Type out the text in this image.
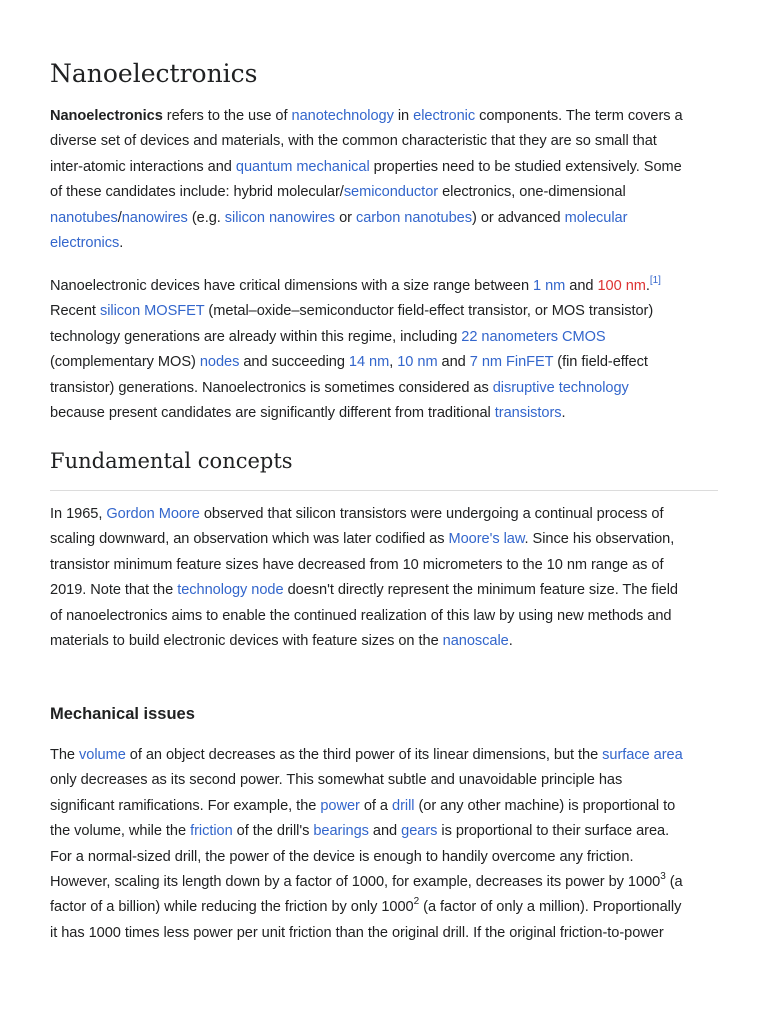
Nanoelectronics

Nanoelectronics refers to the use of nanotechnology in electronic components. The term covers a
diverse set of devices and materials, with the common characteristic that they are so small that
inter-atomic interactions and quantum mechanical properties need to be studied extensively. Some
of these candidates include: hybrid molecular/semiconductor electronics, one-dimensional
nanotubes/nanowires (e.g. silicon nanowires or carbon nanotubes) or advanced molecular
electronics.

Nanoelectronic devices have critical dimensions with a size range between 1 nm and 100 nm.[1]
Recent silicon MOSFET (metal–oxide–semiconductor field-effect transistor, or MOS transistor)
technology generations are already within this regime, including 22 nanometers CMOS
(complementary MOS) nodes and succeeding 14 nm, 10 nm and 7 nm FinFET (fin field-effect
transistor) generations. Nanoelectronics is sometimes considered as disruptive technology
because present candidates are significantly different from traditional transistors.

Fundamental concepts

In 1965, Gordon Moore observed that silicon transistors were undergoing a continual process of
scaling downward, an observation which was later codified as Moore's law. Since his observation,
transistor minimum feature sizes have decreased from 10 micrometers to the 10 nm range as of
2019. Note that the technology node doesn't directly represent the minimum feature size. The field
of nanoelectronics aims to enable the continued realization of this law by using new methods and
materials to build electronic devices with feature sizes on the nanoscale.

Mechanical issues

The volume of an object decreases as the third power of its linear dimensions, but the surface area
only decreases as its second power. This somewhat subtle and unavoidable principle has
significant ramifications. For example, the power of a drill (or any other machine) is proportional to
the volume, while the friction of the drill's bearings and gears is proportional to their surface area.
For a normal-sized drill, the power of the device is enough to handily overcome any friction.
However, scaling its length down by a factor of 1000, for example, decreases its power by 1000$^3$ (a
factor of a billion) while reducing the friction by only 1000$^2$ (a factor of only a million). Proportionally
it has 1000 times less power per unit friction than the original drill. If the original friction-to-power
